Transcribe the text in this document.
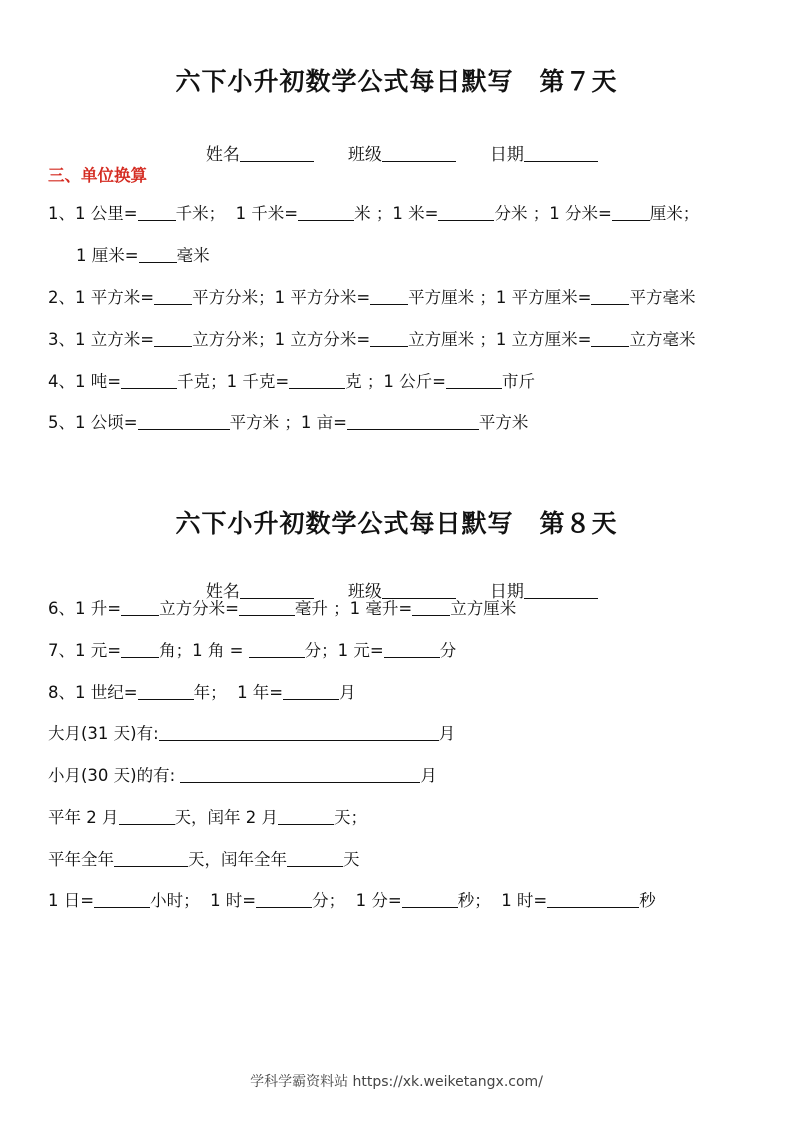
六下小升初数学公式每日默写　第７天

姓名　　	班级　　	日期

三、单位换算
1、1 公里= 千米；  1 千米=	米 ；1 米=	分米 ；1 分米= 厘米；
1 厘米= 毫米
2、1 平方米= 平方分米；1 平方分米= 平方厘米 ；1 平方厘米= 平方毫米
3、1 立方米= 立方分米；1 立方分米= 立方厘米 ；1 立方厘米= 立方毫米
4、1 吨=	千克；1 千克=	克 ；1 公斤=	市斤
5、1 公顷=	平方米 ；1 亩=	平方米
六下小升初数学公式每日默写　第８天

姓名　　	班级　　	日期

6、1 升= 立方分米=	毫升 ；1 毫升= 立方厘米
7、1 元= 角；1 角 =	分；1 元=	分
8、1 世纪=	年；  1 年=	月
大月(31 天)有:	月
小月(30 天)的有:	月
平年 2 月	天，闰年 2 月	天；
平年全年	天，闰年全年	天
1 日=	小时；  1 时=	分；  1 分=	秒；  1 时=	秒
学科学霸资料站 https://xk.weiketangx.com/
